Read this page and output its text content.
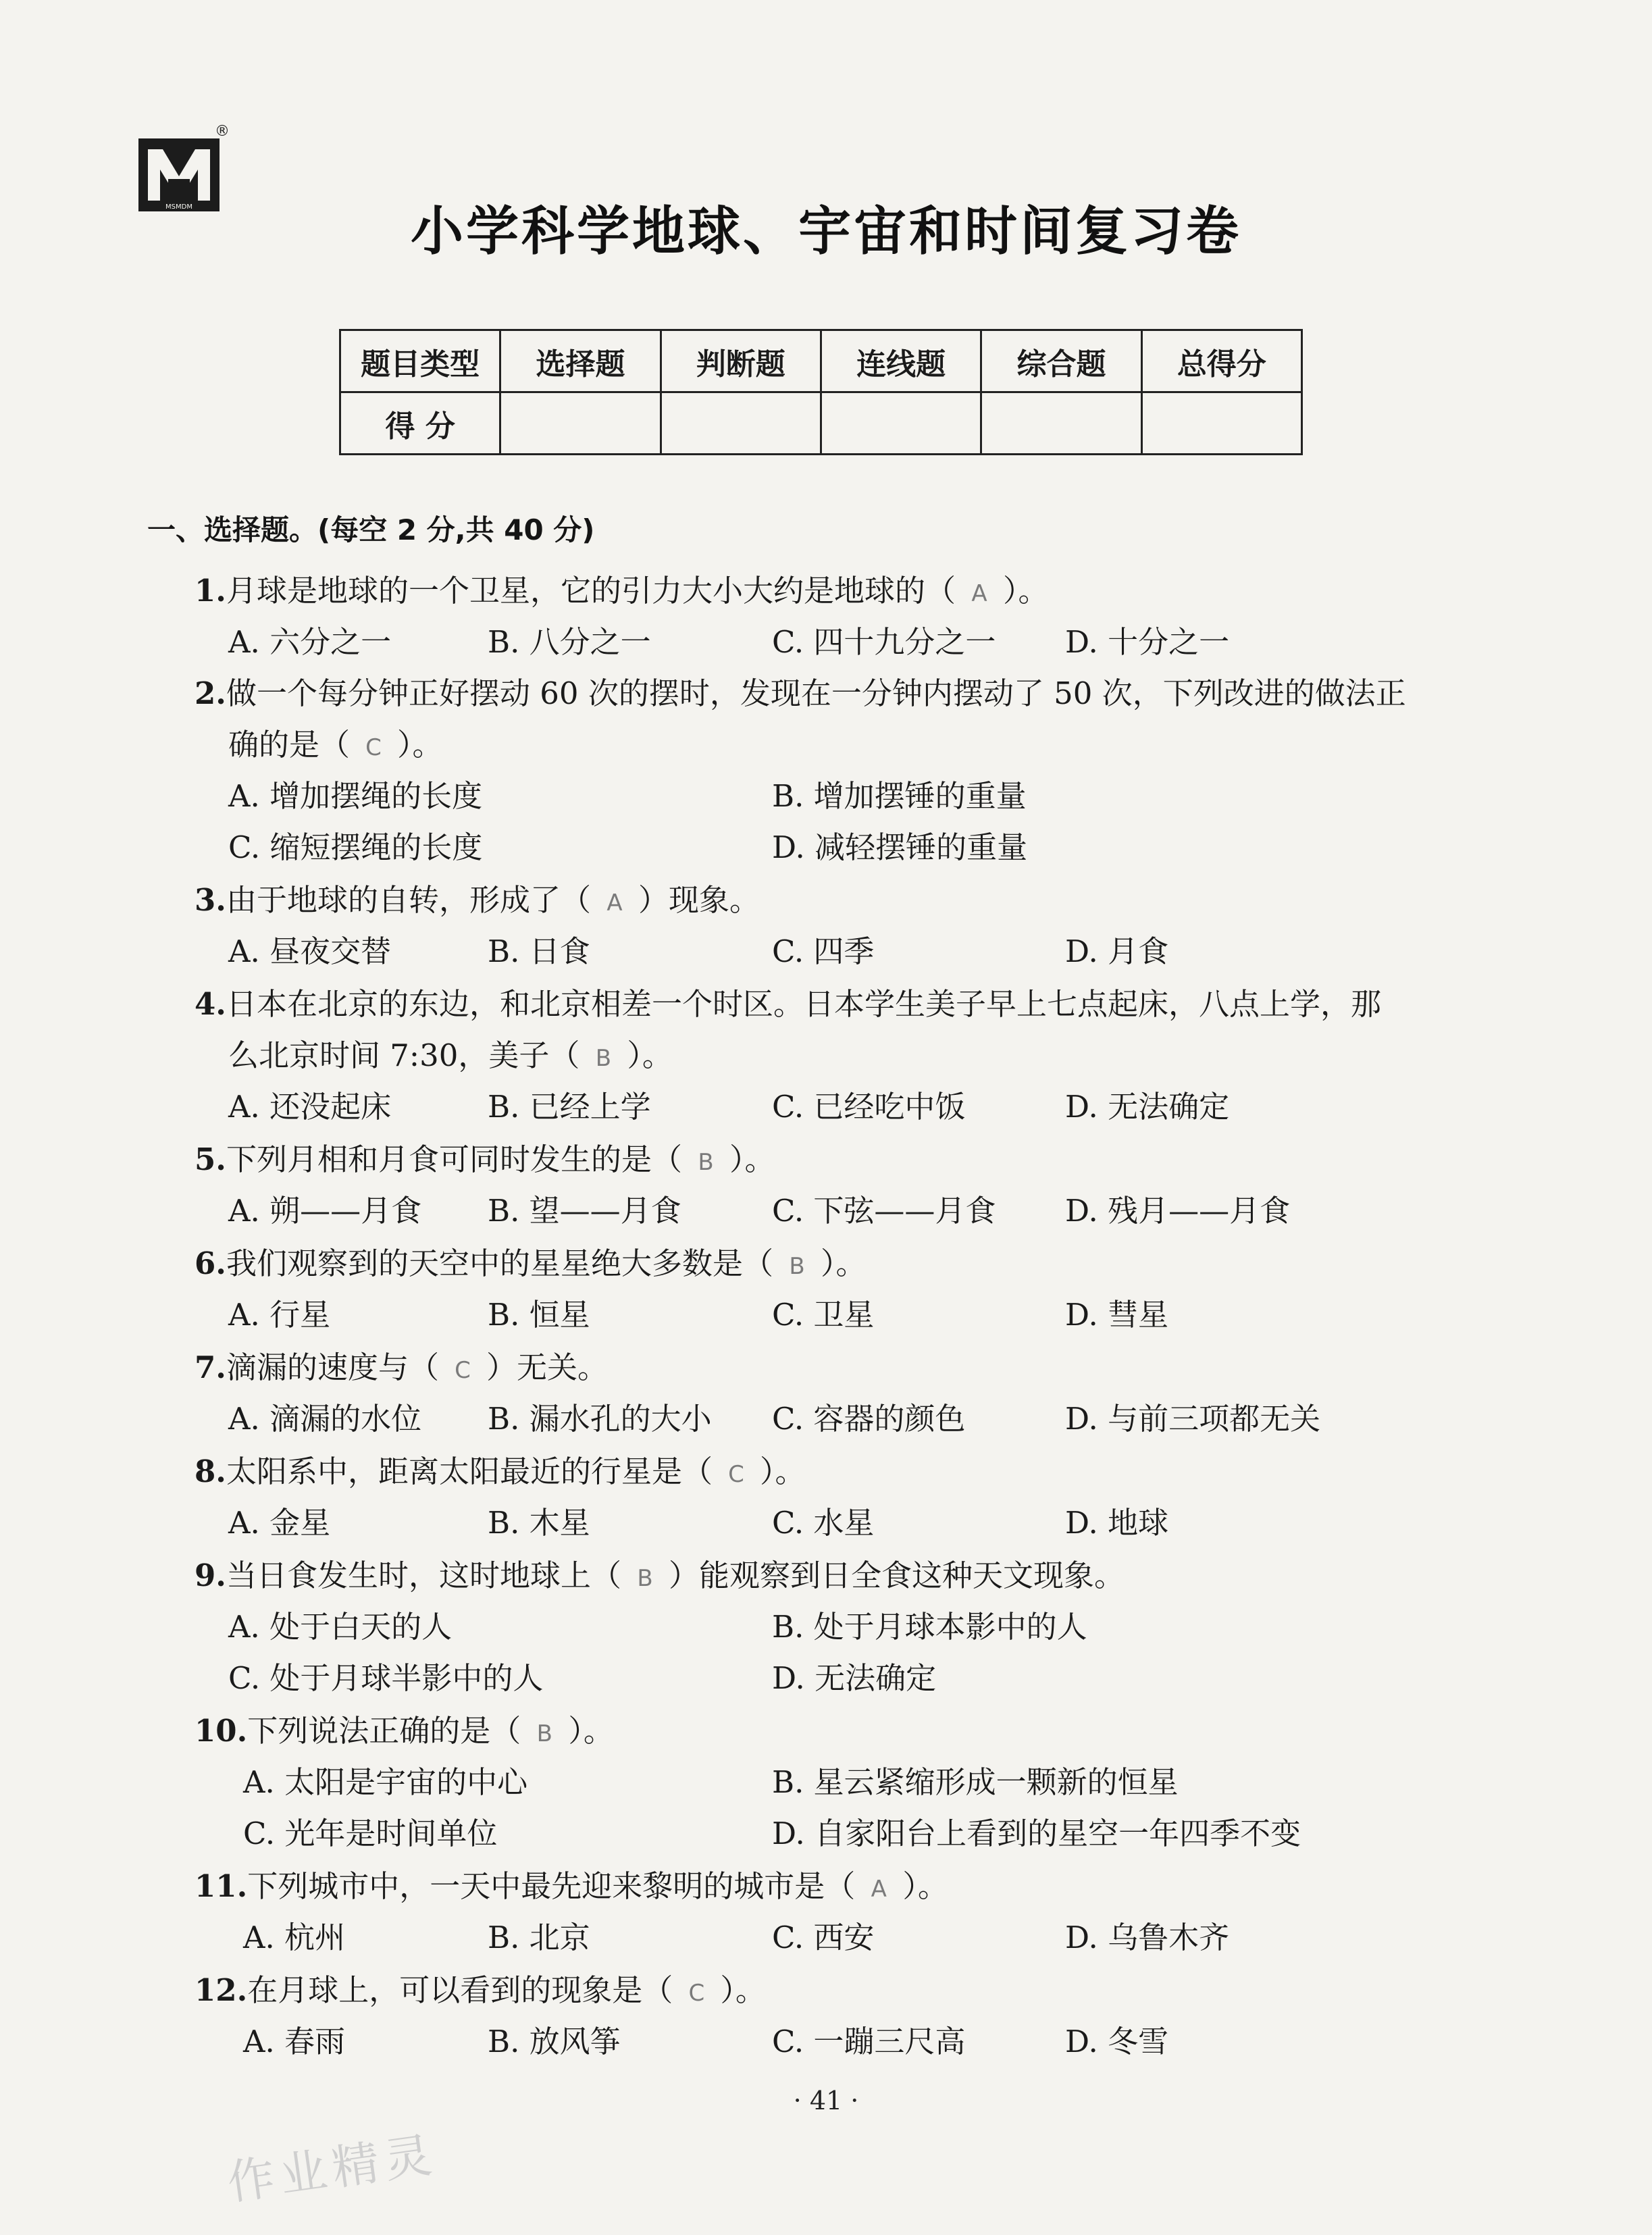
MSMDM
®
小学科学地球、宇宙和时间复习卷
题目类型	选择题	判断题	连线题	综合题	总得分
得 分					
一、选择题。(每空 2 分,共 40 分)
1.月球是地球的一个卫星，它的引力大小大约是地球的（ A ）。
A. 六分之一	B. 八分之一	C. 四十九分之一 D. 十分之一
2.做一个每分钟正好摆动 60 次的摆时，发现在一分钟内摆动了 50 次，下列改进的做法正
确的是（ C ）。
A. 增加摆绳的长度	B. 增加摆锤的重量
C. 缩短摆绳的长度	D. 减轻摆锤的重量
3.由于地球的自转，形成了（ A ）现象。
A. 昼夜交替	B. 日食	C. 四季	D. 月食
4.日本在北京的东边，和北京相差一个时区。日本学生美子早上七点起床，八点上学，那
么北京时间 7:30，美子（ B ）。
A. 还没起床	B. 已经上学	C. 已经吃中饭	D. 无法确定
5.下列月相和月食可同时发生的是（ B ）。
A. 朔——月食 B. 望——月食	C. 下弦——月食 D. 残月——月食
6.我们观察到的天空中的星星绝大多数是（ B ）。
A. 行星	B. 恒星	C. 卫星	D. 彗星
7.滴漏的速度与（ C ）无关。
A. 滴漏的水位 B. 漏水孔的大小 C. 容器的颜色	D. 与前三项都无关
8.太阳系中，距离太阳最近的行星是（ C ）。
A. 金星	B. 木星	C. 水星	D. 地球
9.当日食发生时，这时地球上（ B ）能观察到日全食这种天文现象。
A. 处于白天的人	B. 处于月球本影中的人
C. 处于月球半影中的人	D. 无法确定
10.下列说法正确的是（ B ）。
A. 太阳是宇宙的中心	B. 星云紧缩形成一颗新的恒星
C. 光年是时间单位	D. 自家阳台上看到的星空一年四季不变
11.下列城市中，一天中最先迎来黎明的城市是（ A ）。
A. 杭州	B. 北京	C. 西安	D. 乌鲁木齐
12.在月球上，可以看到的现象是（ C ）。
A. 春雨	B. 放风筝	C. 一蹦三尺高	D. 冬雪
· 41 ·
作业精灵
